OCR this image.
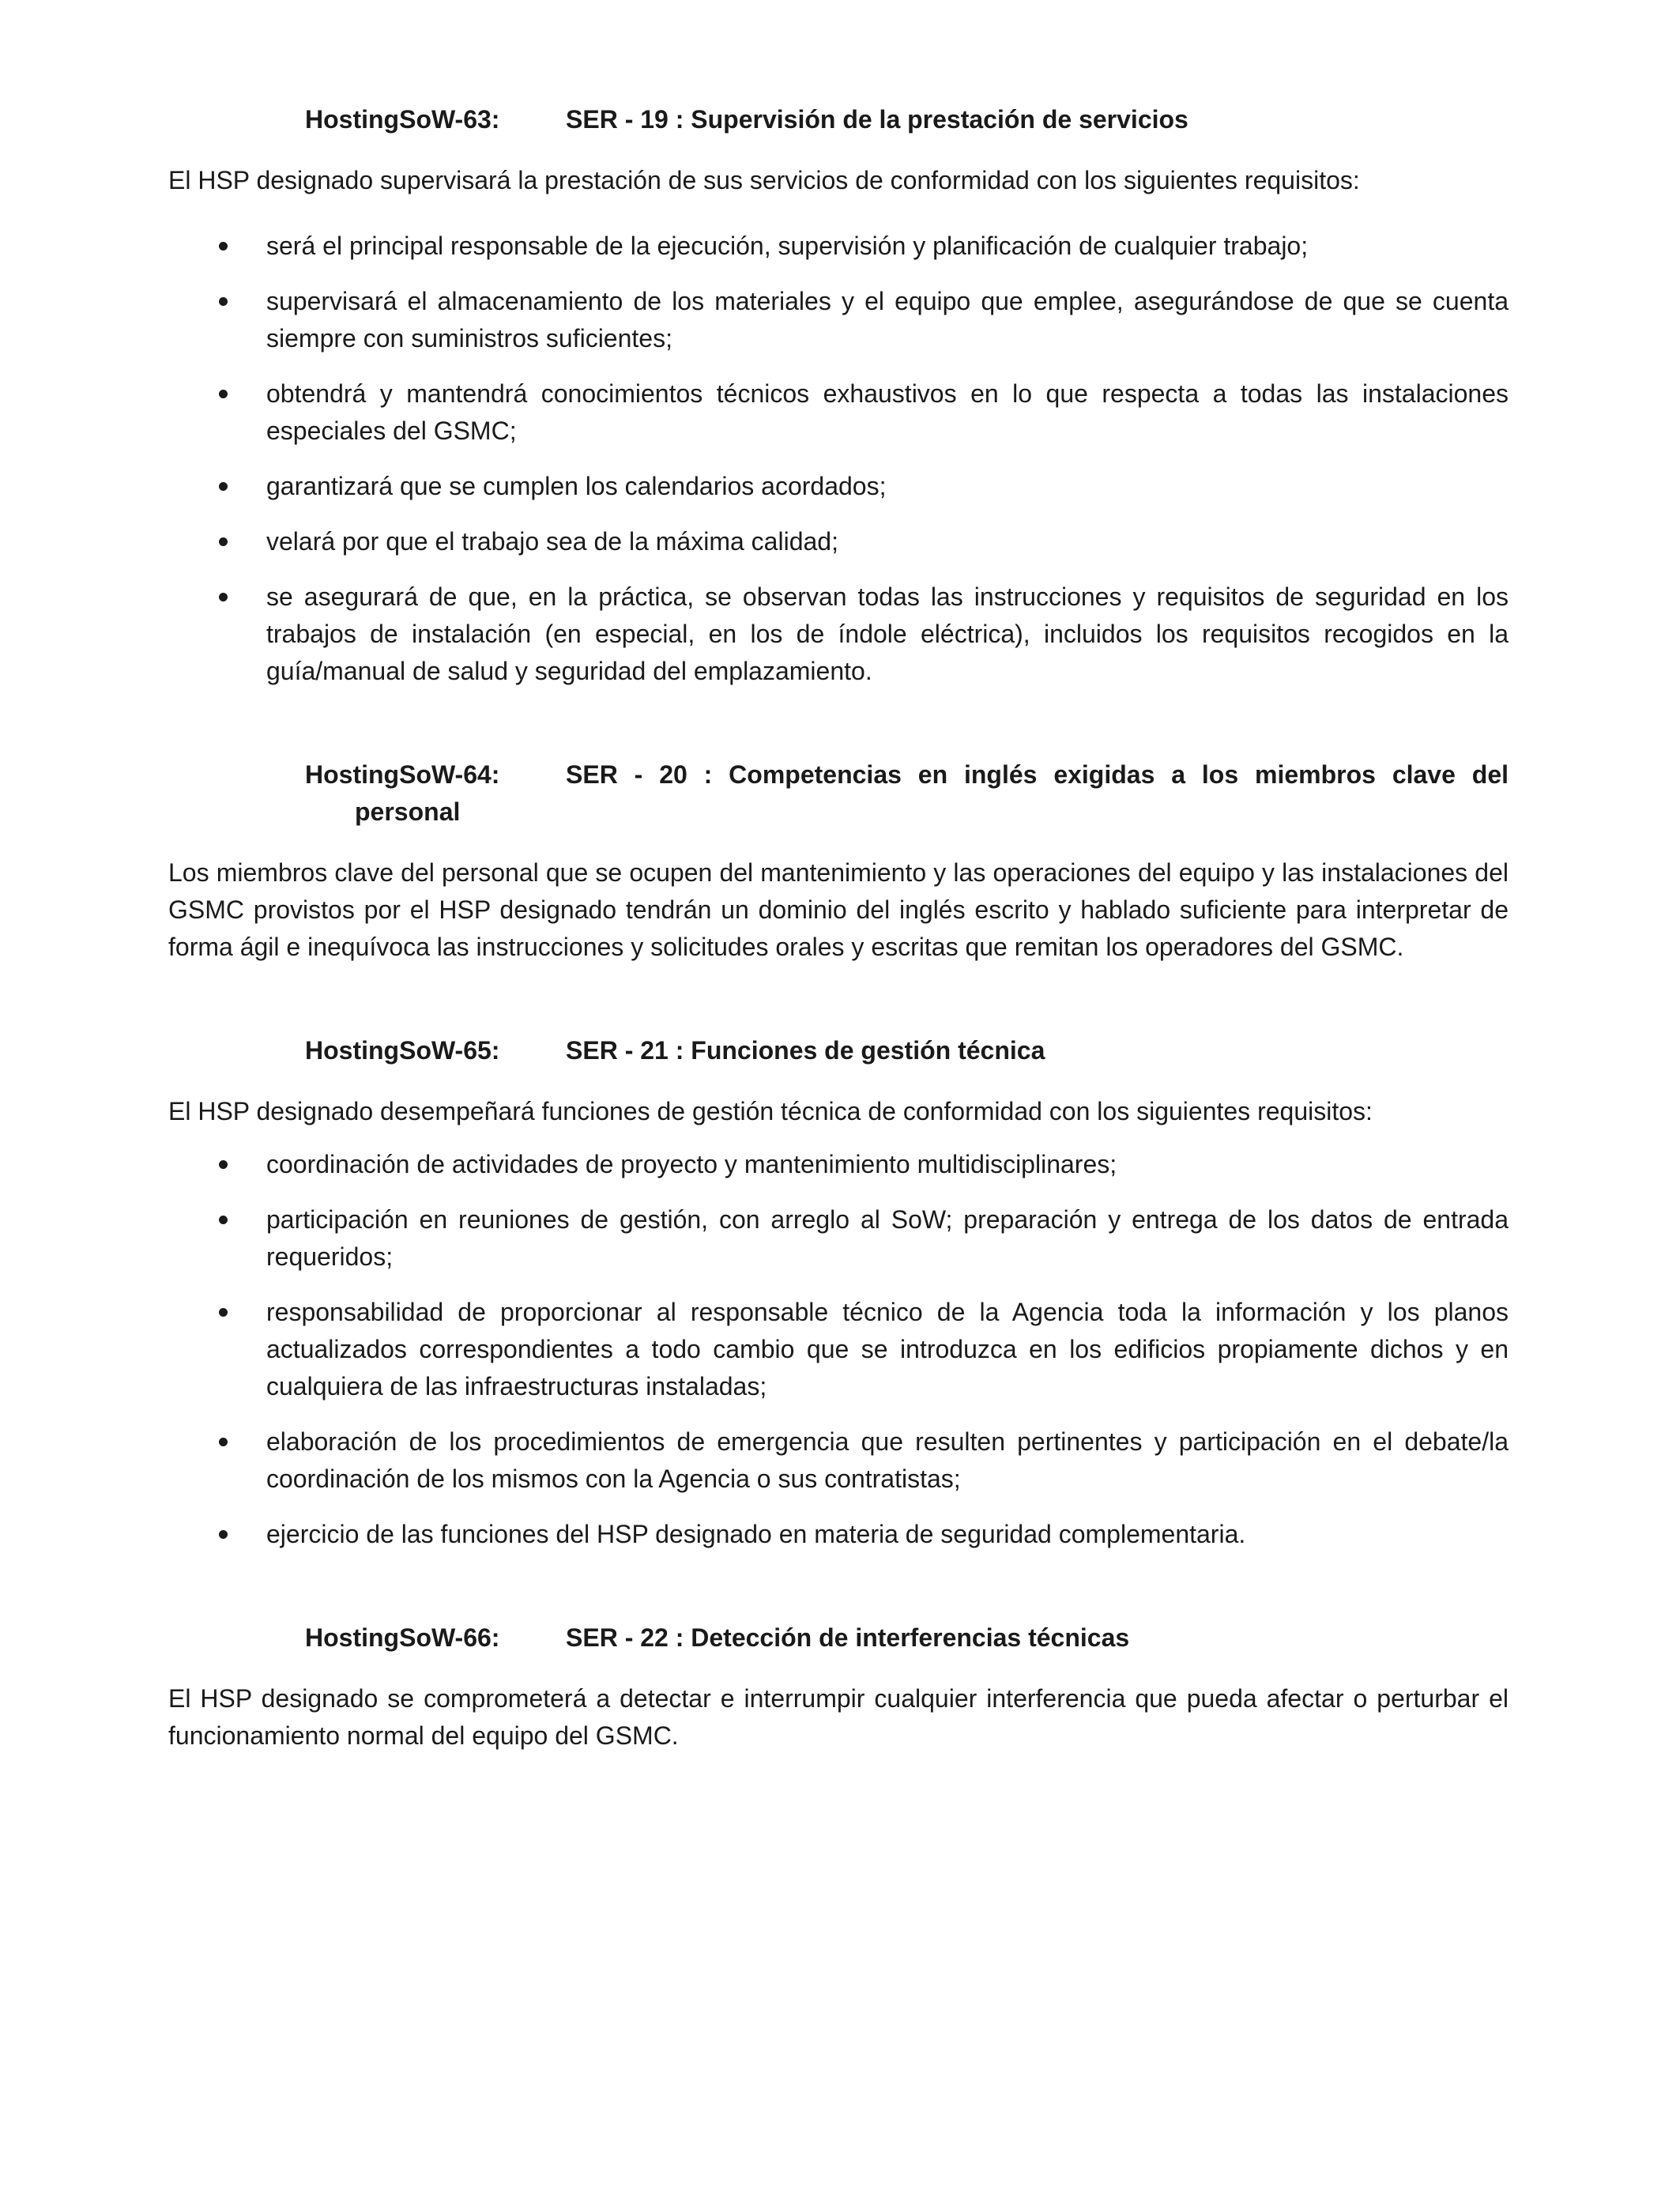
HostingSoW-63:	SER - 19 : Supervisión de la prestación de servicios

El HSP designado supervisará la prestación de sus servicios de conformidad con los siguientes requisitos:

será el principal responsable de la ejecución, supervisión y planificación de cualquier trabajo;
supervisará el almacenamiento de los materiales y el equipo que emplee, asegurándose de que se cuenta siempre con suministros suficientes;
obtendrá y mantendrá conocimientos técnicos exhaustivos en lo que respecta a todas las instalaciones especiales del GSMC;
garantizará que se cumplen los calendarios acordados;
velará por que el trabajo sea de la máxima calidad;
se asegurará de que, en la práctica, se observan todas las instrucciones y requisitos de seguridad en los trabajos de instalación (en especial, en los de índole eléctrica), incluidos los requisitos recogidos en la guía/manual de salud y seguridad del emplazamiento.
HostingSoW-64:	SER - 20 : Competencias en inglés exigidas a los miembros clave del
personal

Los miembros clave del personal que se ocupen del mantenimiento y las operaciones del equipo y las instalaciones del GSMC provistos por el HSP designado tendrán un dominio del inglés escrito y hablado suficiente para interpretar de forma ágil e inequívoca las instrucciones y solicitudes orales y escritas que remitan los operadores del GSMC.

HostingSoW-65:	SER - 21 : Funciones de gestión técnica

El HSP designado desempeñará funciones de gestión técnica de conformidad con los siguientes requisitos:

coordinación de actividades de proyecto y mantenimiento multidisciplinares;
participación en reuniones de gestión, con arreglo al SoW; preparación y entrega de los datos de entrada requeridos;
responsabilidad de proporcionar al responsable técnico de la Agencia toda la información y los planos actualizados correspondientes a todo cambio que se introduzca en los edificios propiamente dichos y en cualquiera de las infraestructuras instaladas;
elaboración de los procedimientos de emergencia que resulten pertinentes y participación en el debate/la coordinación de los mismos con la Agencia o sus contratistas;
ejercicio de las funciones del HSP designado en materia de seguridad complementaria.
HostingSoW-66:	SER - 22 : Detección de interferencias técnicas

El HSP designado se comprometerá a detectar e interrumpir cualquier interferencia que pueda afectar o perturbar el funcionamiento normal del equipo del GSMC.
